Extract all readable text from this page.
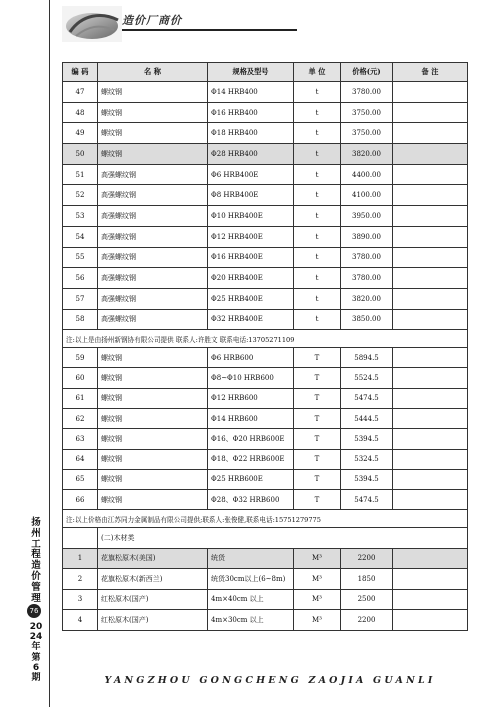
扬州工程造价管理
76
2024年第6期
造价厂商价
编 码	名 称	规格及型号	单 位	价格(元)	备 注
47	螺纹钢	Φ14 HRB400	t	3780.00	
48	螺纹钢	Φ16 HRB400	t	3750.00	
49	螺纹钢	Φ18 HRB400	t	3750.00	
50	螺纹钢	Φ28 HRB400	t	3820.00	
51	高强螺纹钢	Φ6 HRB400E	t	4400.00	
52	高强螺纹钢	Φ8 HRB400E	t	4100.00	
53	高强螺纹钢	Φ10 HRB400E	t	3950.00	
54	高强螺纹钢	Φ12 HRB400E	t	3890.00	
55	高强螺纹钢	Φ16 HRB400E	t	3780.00	
56	高强螺纹钢	Φ20 HRB400E	t	3780.00	
57	高强螺纹钢	Φ25 HRB400E	t	3820.00	
58	高强螺纹钢	Φ32 HRB400E	t	3850.00	
注:以上是由扬州新钢协有限公司提供 联系人:许胜文 联系电话:13705271109					
59	螺纹钢	Φ6 HRB600	T	5894.5	
60	螺纹钢	Φ8~Φ10 HRB600	T	5524.5	
61	螺纹钢	Φ12 HRB600	T	5474.5	
62	螺纹钢	Φ14 HRB600	T	5444.5	
63	螺纹钢	Φ16、Φ20 HRB600E	T	5394.5	
64	螺纹钢	Φ18、Φ22 HRB600E	T	5324.5	
65	螺纹钢	Φ25 HRB600E	T	5394.5	
66	螺纹钢	Φ28、Φ32 HRB600	T	5474.5	
注:以上价格由江苏同力金属制品有限公司提供;联系人:张俊健,联系电话:15751279775					
	(二)木材类				
1	花旗松原木(美国)	统货	M³	2200	
2	花旗松原木(新西兰)	统货30cm以上(6~8m)	M³	1850	
3	红松原木(国产)	4m×40cm 以上	M³	2500	
4	红松原木(国产)	4m×30cm 以上	M³	2200	
YANGZHOU GONGCHENG ZAOJIA GUANLI
